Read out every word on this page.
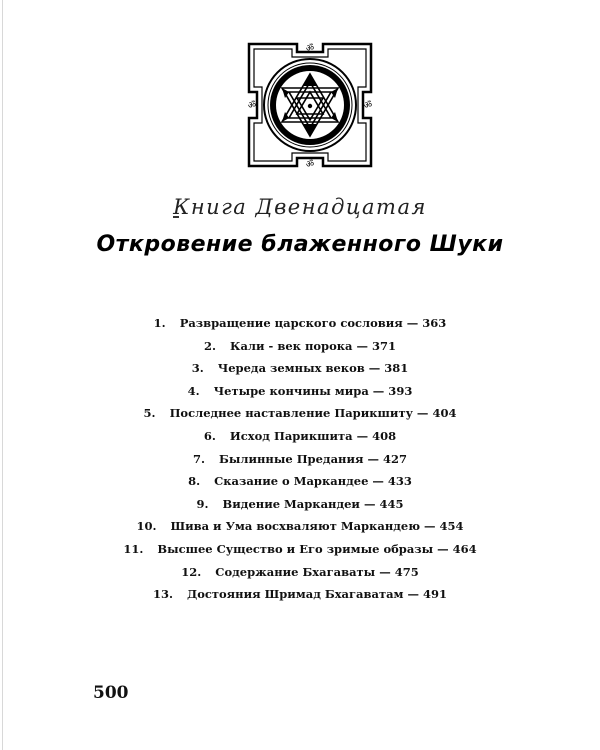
ॐ
ॐ
ॐ	ॐ
Книга Двенадцатая
Откровение блаженного Шуки
1. Развращение царского сословия — 363
2. Кали - век порока — 371
3. Череда земных веков — 381
4. Четыре кончины мира — 393
5. Последнее наставление Парикшиту — 404
6. Исход Парикшита — 408
7. Былинные Предания — 427
8. Сказание о Маркандее — 433
9. Видение Маркандеи — 445
10. Шива и Ума восхваляют Маркандею — 454
11. Высшее Существо и Его зримые образы — 464
12. Содержание Бхагаваты — 475
13. Достояния Шримад Бхагаватам — 491
500
